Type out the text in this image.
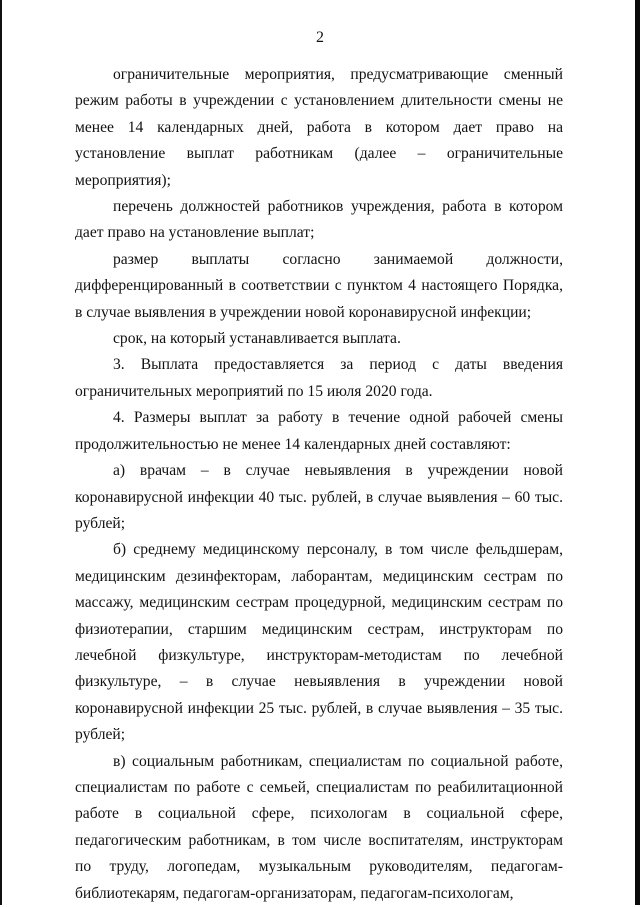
2

ограничительные мероприятия, предусматривающие сменный режим работы в учреждении с установлением длительности смены не менее 14 календарных дней, работа в котором дает право на установление выплат работникам (далее – ограничительные мероприятия);

перечень должностей работников учреждения, работа в котором дает право на установление выплат;

размер выплаты согласно занимаемой должности, дифференцированный в соответствии с пунктом 4 настоящего Порядка, в случае выявления в учреждении новой коронавирусной инфекции;

срок, на который устанавливается выплата.

3. Выплата предоставляется за период с даты введения ограничительных мероприятий по 15 июля 2020 года.

4. Размеры выплат за работу в течение одной рабочей смены продолжительностью не менее 14 календарных дней составляют:

а) врачам – в случае невыявления в учреждении новой коронавирусной инфекции 40 тыс. рублей, в случае выявления – 60 тыс. рублей;

б) среднему медицинскому персоналу, в том числе фельдшерам, медицинским дезинфекторам, лаборантам, медицинским сестрам по массажу, медицинским сестрам процедурной, медицинским сестрам по физиотерапии, старшим медицинским сестрам, инструкторам по лечебной физкультуре, инструкторам-методистам по лечебной физкультуре, – в случае невыявления в учреждении новой коронавирусной инфекции 25 тыс. рублей, в случае выявления – 35 тыс. рублей;

в) социальным работникам, специалистам по социальной работе, специалистам по работе с семьей, специалистам по реабилитационной работе в социальной сфере, психологам в социальной сфере, педагогическим работникам, в том числе воспитателям, инструкторам по труду, логопедам, музыкальным руководителям, педагогам-библиотекарям, педагогам-организаторам, педагогам-психологам,
